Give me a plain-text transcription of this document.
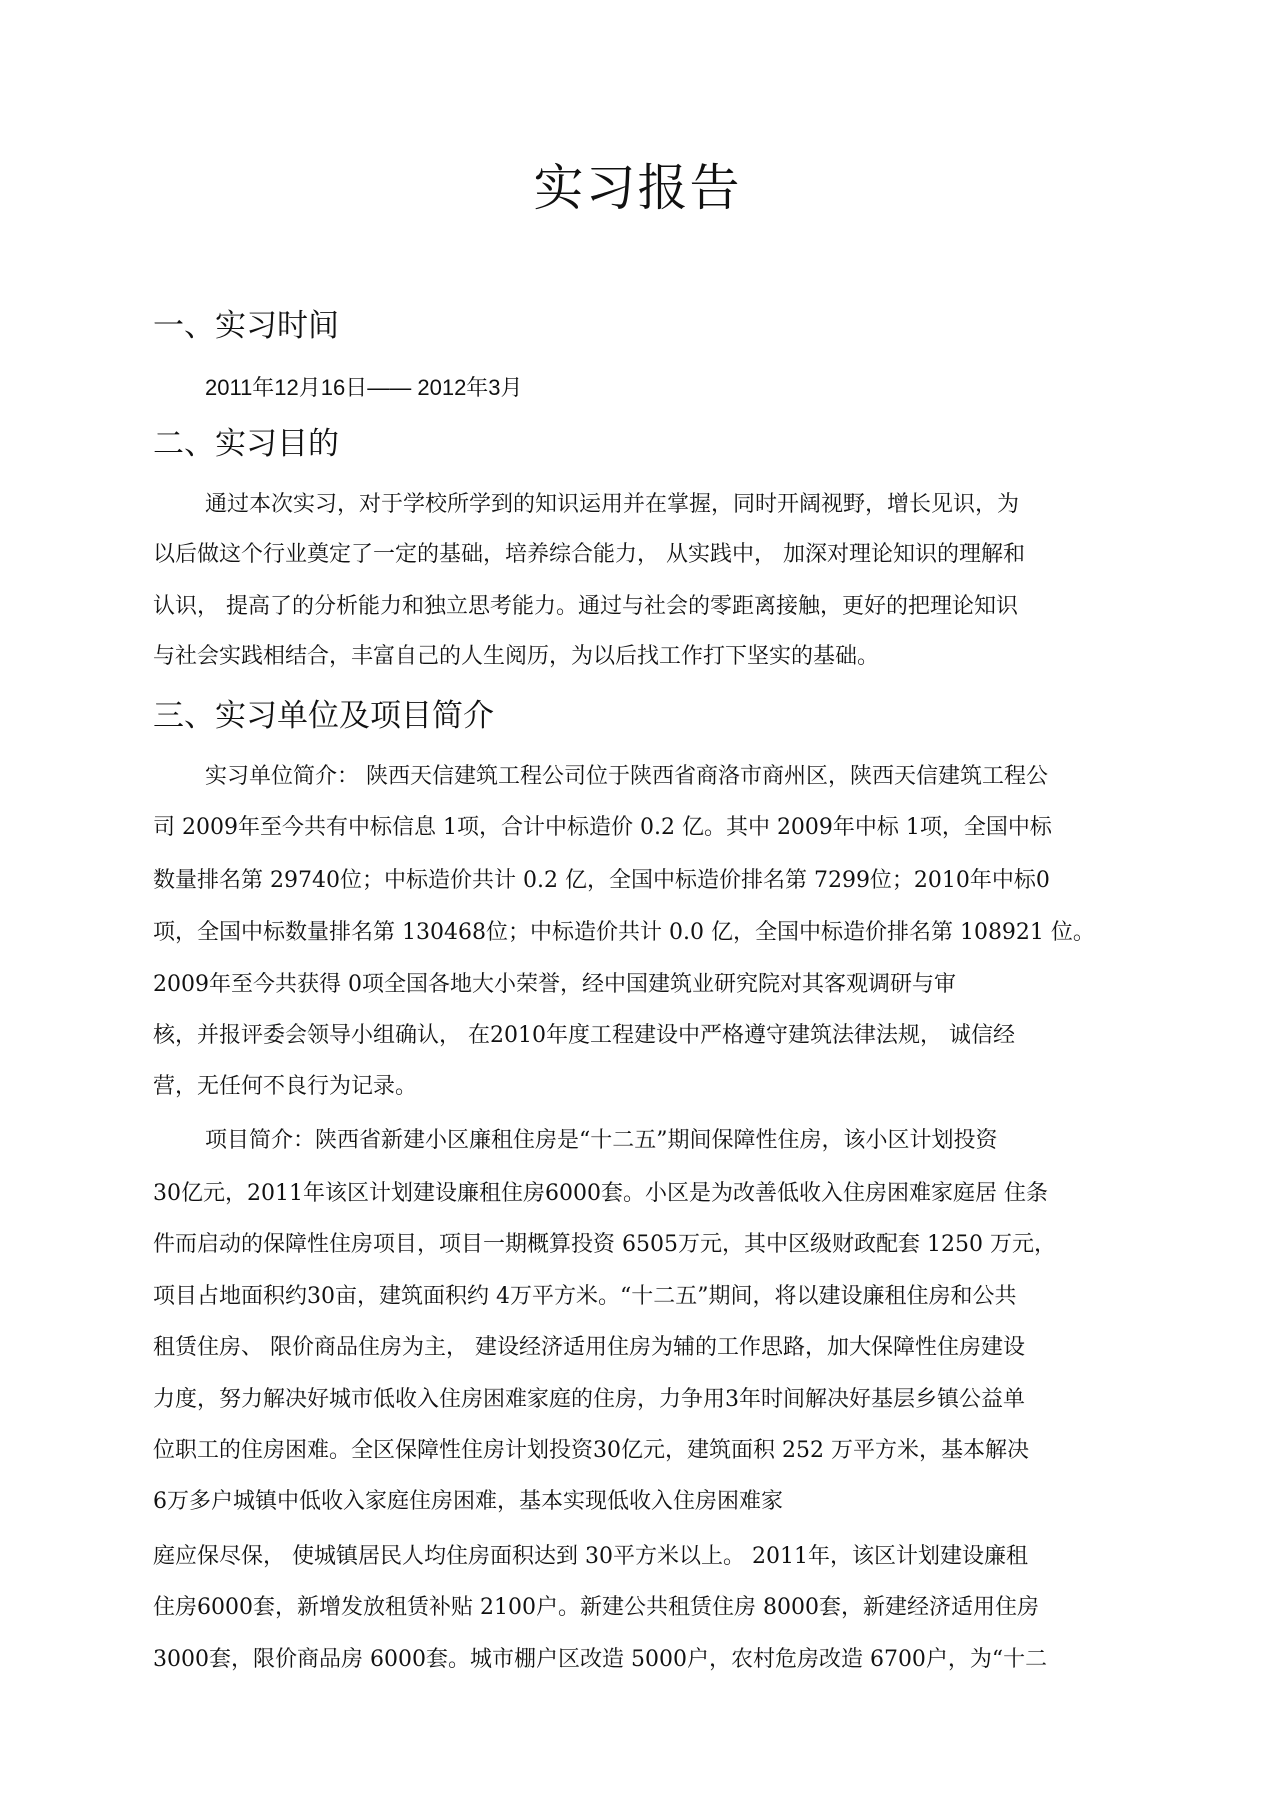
实习报告
一、实习时间
2011年12月16日—— 2012年3月
二、实习目的
通过本次实习，对于学校所学到的知识运用并在掌握，同时开阔视野，增长见识，为
以后做这个行业奠定了一定的基础，培养综合能力， 从实践中， 加深对理论知识的理解和
认识， 提高了的分析能力和独立思考能力。通过与社会的零距离接触，更好的把理论知识
与社会实践相结合，丰富自己的人生阅历，为以后找工作打下坚实的基础。
三、实习单位及项目简介
实习单位简介： 陕西天信建筑工程公司位于陕西省商洛市商州区，陕西天信建筑工程公
司 2009年至今共有中标信息 1项，合计中标造价 0.2 亿。其中 2009年中标 1项，全国中标
数量排名第 29740位；中标造价共计 0.2 亿，全国中标造价排名第 7299位；2010年中标0
项，全国中标数量排名第 130468位；中标造价共计 0.0 亿，全国中标造价排名第 108921 位。
2009年至今共获得 0项全国各地大小荣誉，经中国建筑业研究院对其客观调研与审
核，并报评委会领导小组确认， 在2010年度工程建设中严格遵守建筑法律法规， 诚信经
营，无任何不良行为记录。
项目简介：陕西省新建小区廉租住房是“十二五”期间保障性住房，该小区计划投资
30亿元，2011年该区计划建设廉租住房6000套。小区是为改善低收入住房困难家庭居 住条
件而启动的保障性住房项目，项目一期概算投资 6505万元，其中区级财政配套 1250 万元，
项目占地面积约30亩，建筑面积约 4万平方米。“十二五”期间，将以建设廉租住房和公共
租赁住房、 限价商品住房为主， 建设经济适用住房为辅的工作思路，加大保障性住房建设
力度，努力解决好城市低收入住房困难家庭的住房，力争用3年时间解决好基层乡镇公益单
位职工的住房困难。全区保障性住房计划投资30亿元，建筑面积 252 万平方米，基本解决
6万多户城镇中低收入家庭住房困难，基本实现低收入住房困难家
庭应保尽保， 使城镇居民人均住房面积达到 30平方米以上。 2011年，该区计划建设廉租
住房6000套，新增发放租赁补贴 2100户。新建公共租赁住房 8000套，新建经济适用住房
3000套，限价商品房 6000套。城市棚户区改造 5000户，农村危房改造 6700户，为“十二
